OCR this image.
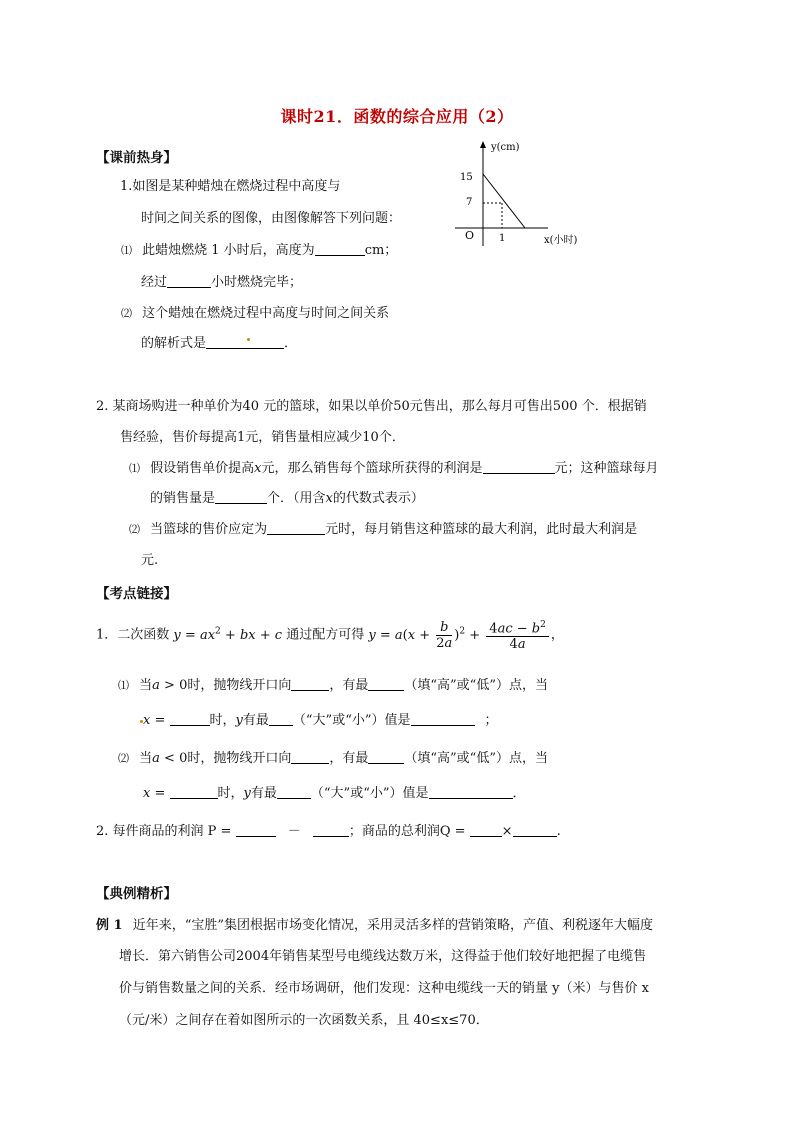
课时21．函数的综合应用（2）
【课前热身】
1.如图是某种蜡烛在燃烧过程中高度与
时间之间关系的图像，由图像解答下列问题：
⑴ 此蜡烛燃烧 1 小时后，高度为	cm；
经过	小时燃烧完毕；
⑵ 这个蜡烛在燃烧过程中高度与时间之间关系
的解析式是	．
y(cm)
15
7
O 1	x(小时)
2. 某商场购进一种单价为40 元的篮球，如果以单价50元售出，那么每月可售出500 个．根据销
售经验，售价每提高1元，销售量相应减少10个．
⑴ 假设销售单价提高x元，那么销售每个篮球所获得的利润是	元；这种篮球每月
的销售量是	个．（用含x的代数式表示）
⑵ 当篮球的售价应定为	元时，每月销售这种篮球的最大利润，此时最大利润是
元.
【考点链接】
1．二次函数 $y = ax^2$ + bx + c 通过配方可得 $y = a(x + \frac{b}{2a} )^2 + \frac{4ac - b^2}{4a}$ ，
⑴ 当a > 0时，抛物线开口向	，有最	（填“高”或“低”）点，当
x =	时，y有最 （“大”或“小”）值是	；
⑵ 当a < 0时，抛物线开口向	，有最	（填“高”或“低”）点，当
x =	时，y有最	（“大”或“小”）值是	．
2. 每件商品的利润 P =	－	；商品的总利润Q = ×	.
【典例精析】
例 1 近年来，“宝胜”集团根据市场变化情况，采用灵活多样的营销策略，产值、利税逐年大幅度
增长．第六销售公司2004年销售某型号电缆线达数万米，这得益于他们较好地把握了电缆售
价与销售数量之间的关系．经市场调研，他们发现：这种电缆线一天的销量 y（米）与售价 x
（元/米）之间存在着如图所示的一次函数关系，且 40≤x≤70．
